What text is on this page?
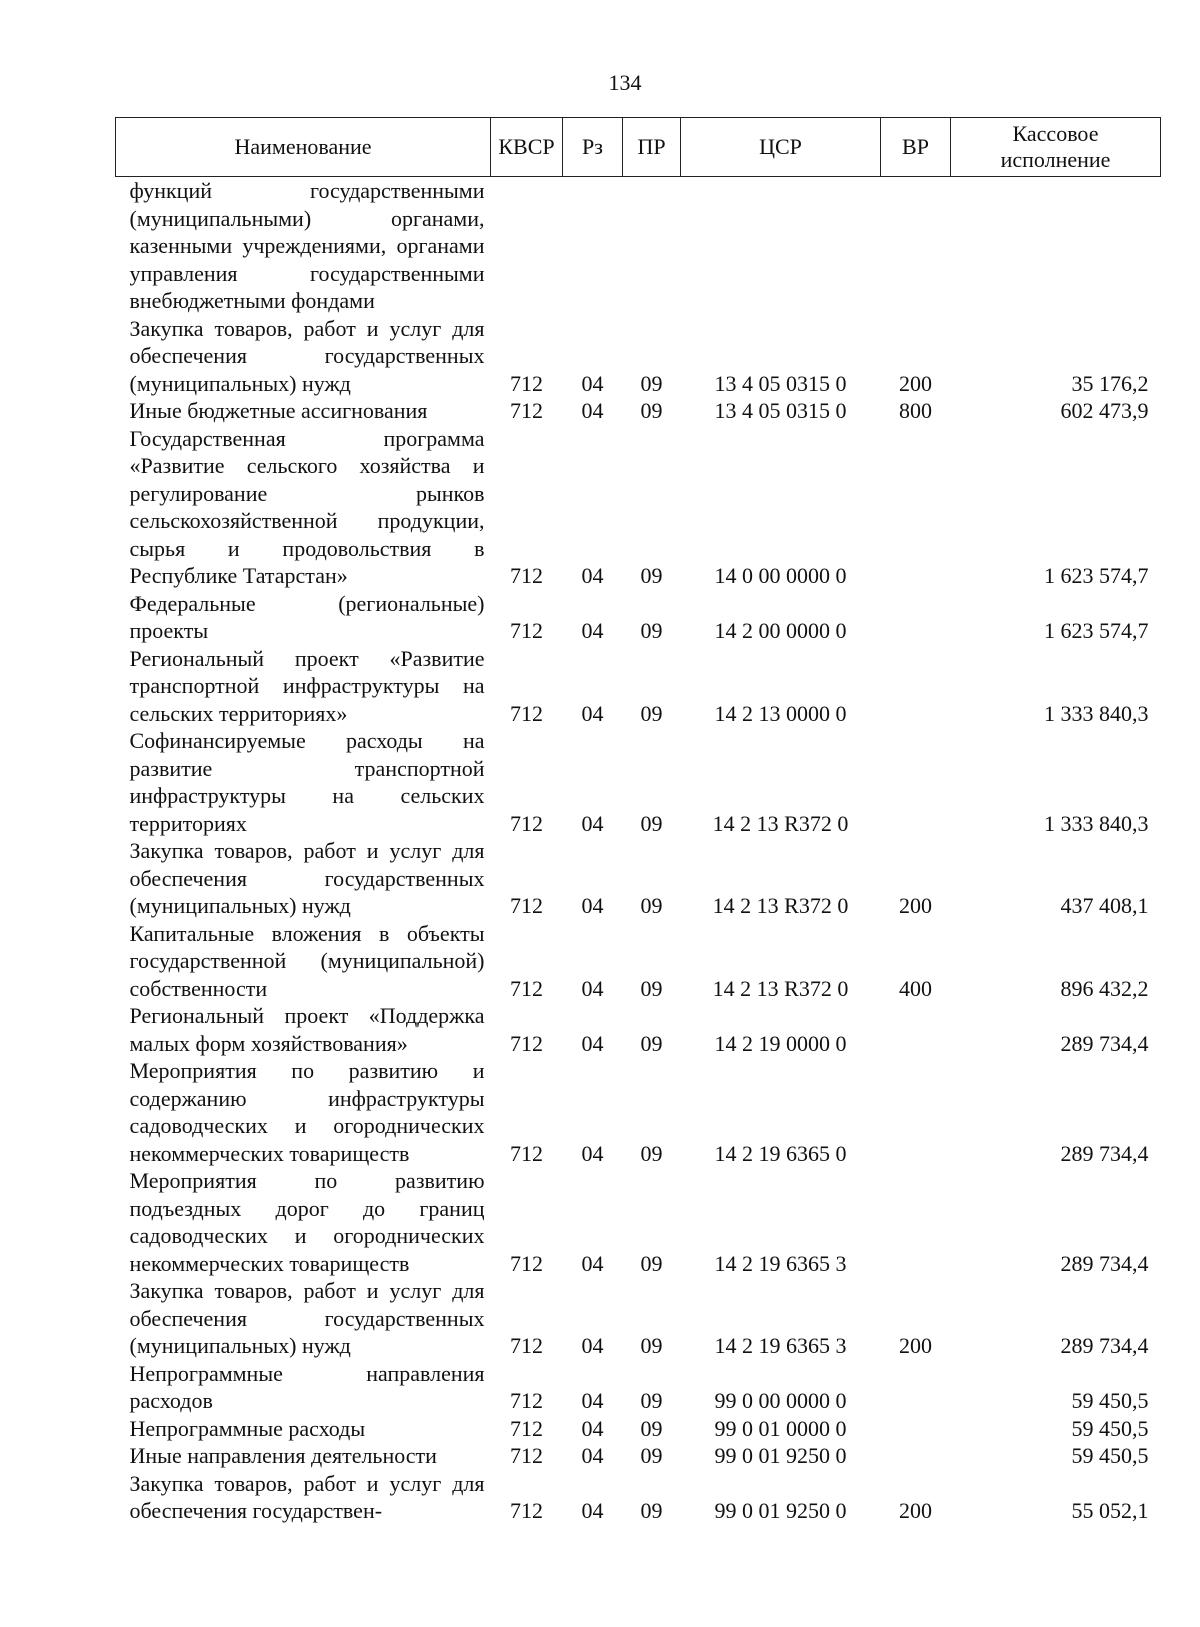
134
Наименование	КВСР	Рз	ПР	ЦСР	ВР	Кассовое
исполнение
функций государственными (муниципальными) органами, казенными учреждениями, органами управления государственными внебюджетными фондами						
Закупка товаров, работ и услуг для обеспечения государственных (муниципальных) нужд	712	04	09	13 4 05 0315 0	200	35 176,2
Иные бюджетные ассигнования	712	04	09	13 4 05 0315 0	800	602 473,9
Государственная программа «Развитие сельского хозяйства и регулирование рынков сельскохозяйственной продукции, сырья и продовольствия в Республике Татарстан»	712	04	09	14 0 00 0000 0		1 623 574,7
Федеральные (региональные) проекты	712	04	09	14 2 00 0000 0		1 623 574,7
Региональный проект «Развитие транспортной инфраструктуры на сельских территориях»	712	04	09	14 2 13 0000 0		1 333 840,3
Софинансируемые расходы на развитие транспортной инфраструктуры на сельских территориях	712	04	09	14 2 13 R372 0		1 333 840,3
Закупка товаров, работ и услуг для обеспечения государственных (муниципальных) нужд	712	04	09	14 2 13 R372 0	200	437 408,1
Капитальные вложения в объекты государственной (муниципальной) собственности	712	04	09	14 2 13 R372 0	400	896 432,2
Региональный проект «Поддержка малых форм хозяйствования»	712	04	09	14 2 19 0000 0		289 734,4
Мероприятия по развитию и содержанию инфраструктуры садоводческих и огороднических некоммерческих товариществ	712	04	09	14 2 19 6365 0		289 734,4
Мероприятия по развитию подъездных дорог до границ садоводческих и огороднических некоммерческих товариществ	712	04	09	14 2 19 6365 3		289 734,4
Закупка товаров, работ и услуг для обеспечения государственных (муниципальных) нужд	712	04	09	14 2 19 6365 3	200	289 734,4
Непрограммные направления расходов	712	04	09	99 0 00 0000 0		59 450,5
Непрограммные расходы	712	04	09	99 0 01 0000 0		59 450,5
Иные направления деятельности	712	04	09	99 0 01 9250 0		59 450,5
Закупка товаров, работ и услуг для обеспечения государствен-	712	04	09	99 0 01 9250 0	200	55 052,1
